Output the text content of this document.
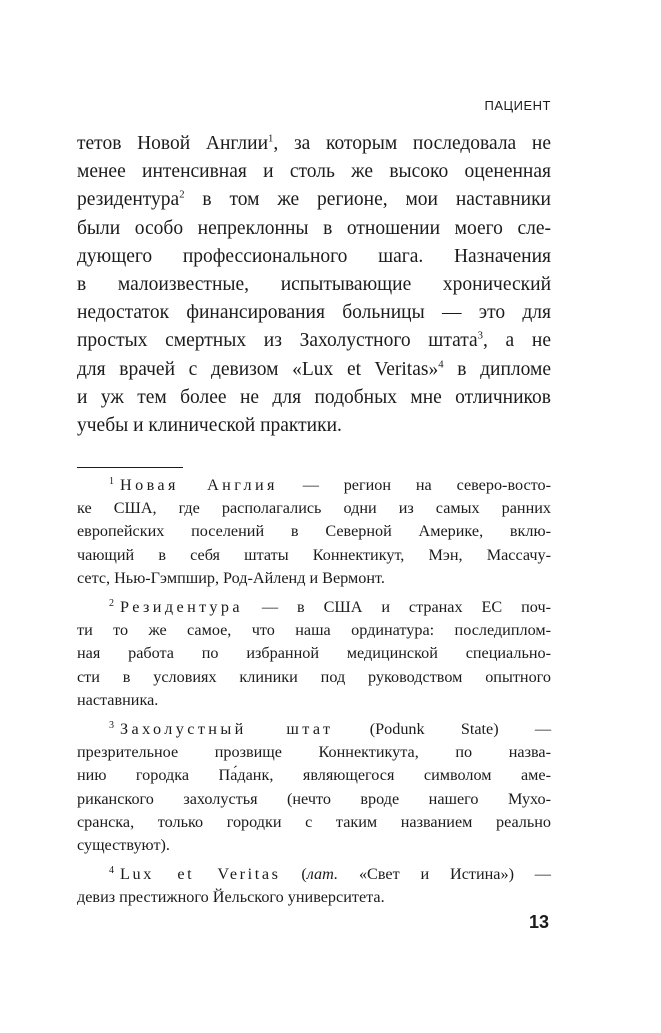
ПАЦИЕНТ
тетов Новой Англии$^1$, за которым последовала не
менее интенсивная и столь же высоко оцененная
резидентура$^2$ в том же регионе, мои наставники
были особо непреклонны в отношении моего сле-
дующего профессионального шага. Назначения
в малоизвестные, испытывающие хронический
недостаток финансирования больницы — это для
простых смертных из Захолустного штата$^3$, а не
для врачей с девизом «Lux et Veritas»$^4$ в дипломе
и уж тем более не для подобных мне отличников
учебы и клинической практики.
$^1$ Новая Англия — регион на северо-восто-
ке США, где располагались одни из самых ранних
европейских поселений в Северной Америке, вклю-
чающий в себя штаты Коннектикут, Мэн, Массачу-
сетс, Нью-Гэмпшир, Род-Айленд и Вермонт.
$^2$ Резидентура — в США и странах ЕС поч-
ти то же самое, что наша ординатура: последиплом-
ная работа по избранной медицинской специально-
сти в условиях клиники под руководством опытного
наставника.
$^3$ Захолустный штат (Podunk State) —
презрительное прозвище Коннектикута, по назва-
нию городка Па́данк, являющегося символом аме-
риканского захолустья (нечто вроде нашего Мухо-
сранска, только городки с таким названием реально
существуют).
$^4$ Lux et Veritas (лат. «Свет и Истина») —
девиз престижного Йельского университета.
13
